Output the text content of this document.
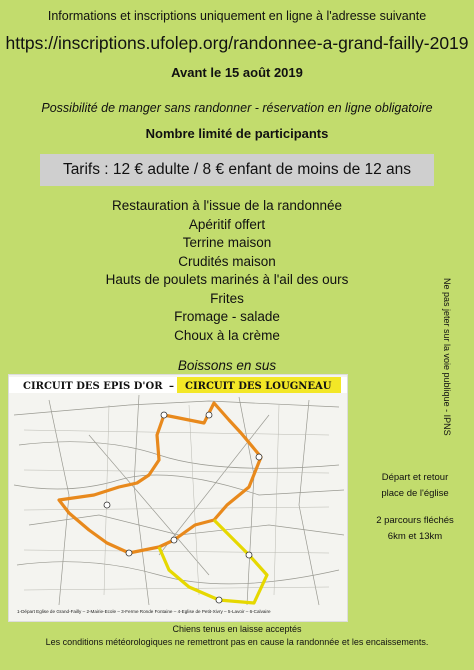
Informations et inscriptions uniquement en ligne à l'adresse suivante
https://inscriptions.ufolep.org/randonnee-a-grand-failly-2019
Avant le 15 août 2019
Possibilité de manger sans randonner - réservation en ligne obligatoire
Nombre limité de participants
Tarifs : 12 € adulte / 8 € enfant de moins de 12 ans
Restauration à l'issue de la randonnée
Apéritif offert
Terrine maison
Crudités maison
Hauts de poulets marinés à l'ail des ours
Frites
Fromage - salade
Choux à la crème
Boissons en sus	Ne pas jeter sur la voie publique - IPNS
CIRCUIT DES EPIS D'OR – CIRCUIT DES LOUGNEAU
1-Départ Eglise de Grand-Failly – 2-Mairie-Ecole – 3-Ferme Ronde Fontaine – 4-Eglise de Petit-Xivry – 5-Lavoir – 6-Calvaire
Départ et retour
place de l'église
2 parcours fléchés
6km et 13km
Chiens tenus en laisse acceptés
Les conditions météorologiques ne remettront pas en cause la randonnée et les encaissements.
